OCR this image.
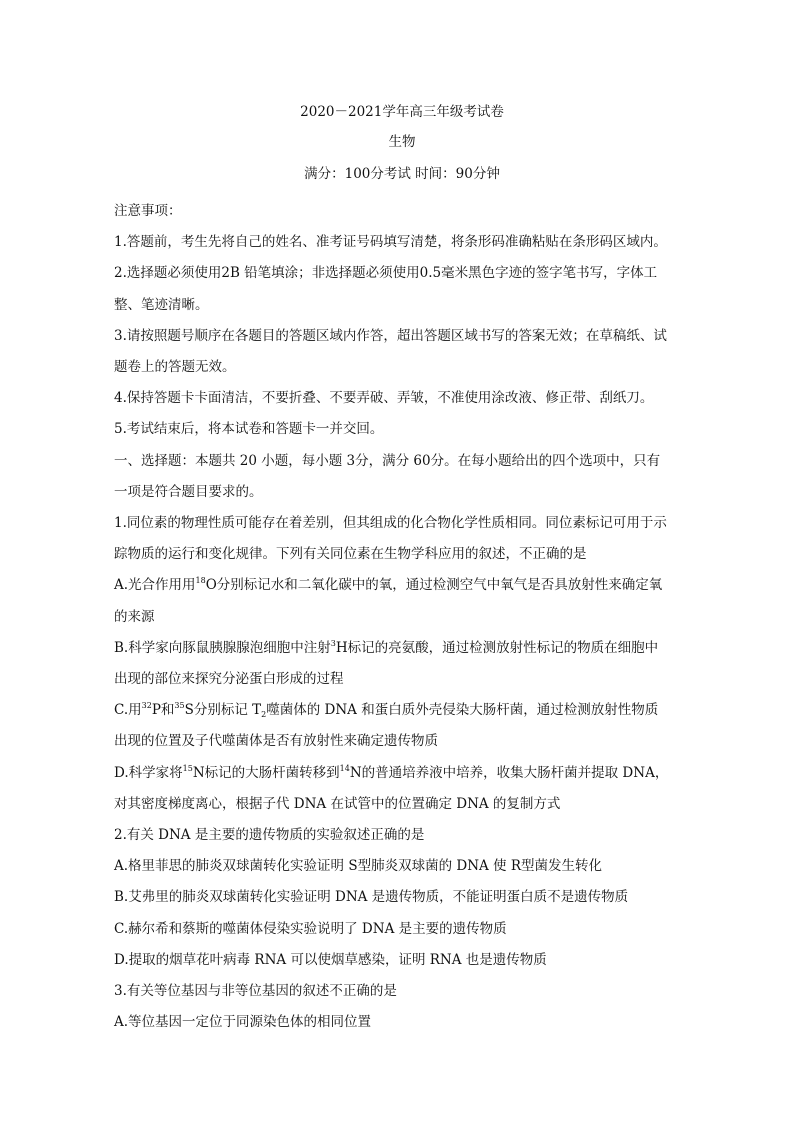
2020－2021学年高三年级考试卷
生物
满分：100分考试 时间：90分钟
注意事项：
1.答题前，考生先将自己的姓名、准考证号码填写清楚，将条形码准确粘贴在条形码区域内。
2.选择题必须使用2B 铅笔填涂；非选择题必须使用0.5毫米黑色字迹的签字笔书写，字体工
整、笔迹清晰。
3.请按照题号顺序在各题目的答题区域内作答，超出答题区域书写的答案无效；在草稿纸、试
题卷上的答题无效。
4.保持答题卡卡面清洁，不要折叠、不要弄破、弄皱，不准使用涂改液、修正带、刮纸刀。
5.考试结束后，将本试卷和答题卡一并交回。
一、选择题：本题共 20 小题，每小题 3分，满分 60分。在每小题给出的四个选项中，只有
一项是符合题目要求的。
1.同位素的物理性质可能存在着差别，但其组成的化合物化学性质相同。同位素标记可用于示
踪物质的运行和变化规律。下列有关同位素在生物学科应用的叙述，不正确的是
A.光合作用用$^{18}$O分别标记水和二氧化碳中的氧，通过检测空气中氧气是否具放射性来确定氧
的来源
B.科学家向豚鼠胰腺腺泡细胞中注射$^3$H标记的亮氨酸，通过检测放射性标记的物质在细胞中
出现的部位来探究分泌蛋白形成的过程
C.用$^{32}$P和$^{35}$S分别标记 $T_2$噬菌体的 DNA 和蛋白质外壳侵染大肠杆菌，通过检测放射性物质
出现的位置及子代噬菌体是否有放射性来确定遗传物质
D.科学家将$^{15}$N标记的大肠杆菌转移到$^{14}$N的普通培养液中培养，收集大肠杆菌并提取 DNA，
对其密度梯度离心，根据子代 DNA 在试管中的位置确定 DNA 的复制方式
2.有关 DNA 是主要的遗传物质的实验叙述正确的是
A.格里菲思的肺炎双球菌转化实验证明 S型肺炎双球菌的 DNA 使 R型菌发生转化
B.艾弗里的肺炎双球菌转化实验证明 DNA 是遗传物质，不能证明蛋白质不是遗传物质
C.赫尔希和蔡斯的噬菌体侵染实验说明了 DNA 是主要的遗传物质
D.提取的烟草花叶病毒 RNA 可以使烟草感染，证明 RNA 也是遗传物质
3.有关等位基因与非等位基因的叙述不正确的是
A.等位基因一定位于同源染色体的相同位置
